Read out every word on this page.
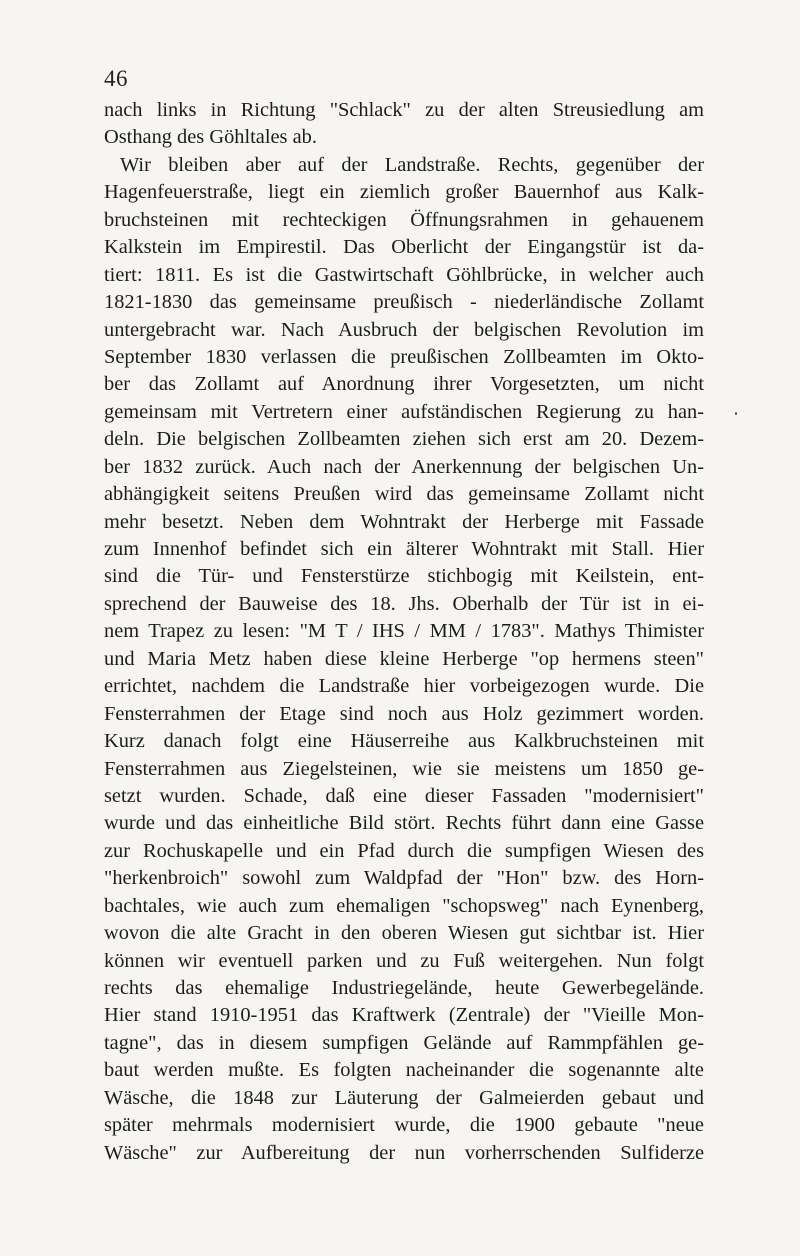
46
nach links in Richtung "Schlack" zu der alten Streusiedlung am
Osthang des Göhltales ab.
Wir bleiben aber auf der Landstraße. Rechts, gegenüber der
Hagenfeuerstraße, liegt ein ziemlich großer Bauernhof aus Kalk-
bruchsteinen mit rechteckigen Öffnungsrahmen in gehauenem
Kalkstein im Empirestil. Das Oberlicht der Eingangstür ist da-
tiert: 1811. Es ist die Gastwirtschaft Göhlbrücke, in welcher auch
1821-1830 das gemeinsame preußisch - niederländische Zollamt
untergebracht war. Nach Ausbruch der belgischen Revolution im
September 1830 verlassen die preußischen Zollbeamten im Okto-
ber das Zollamt auf Anordnung ihrer Vorgesetzten, um nicht
gemeinsam mit Vertretern einer aufständischen Regierung zu han-
deln. Die belgischen Zollbeamten ziehen sich erst am 20. Dezem-
ber 1832 zurück. Auch nach der Anerkennung der belgischen Un-
abhängigkeit seitens Preußen wird das gemeinsame Zollamt nicht
mehr besetzt. Neben dem Wohntrakt der Herberge mit Fassade
zum Innenhof befindet sich ein älterer Wohntrakt mit Stall. Hier
sind die Tür- und Fensterstürze stichbogig mit Keilstein, ent-
sprechend der Bauweise des 18. Jhs. Oberhalb der Tür ist in ei-
nem Trapez zu lesen: "M T / IHS / MM / 1783". Mathys Thimister
und Maria Metz haben diese kleine Herberge "op hermens steen"
errichtet, nachdem die Landstraße hier vorbeigezogen wurde. Die
Fensterrahmen der Etage sind noch aus Holz gezimmert worden.
Kurz danach folgt eine Häuserreihe aus Kalkbruchsteinen mit
Fensterrahmen aus Ziegelsteinen, wie sie meistens um 1850 ge-
setzt wurden. Schade, daß eine dieser Fassaden "modernisiert"
wurde und das einheitliche Bild stört. Rechts führt dann eine Gasse
zur Rochuskapelle und ein Pfad durch die sumpfigen Wiesen des
"herkenbroich" sowohl zum Waldpfad der "Hon" bzw. des Horn-
bachtales, wie auch zum ehemaligen "schopsweg" nach Eynenberg,
wovon die alte Gracht in den oberen Wiesen gut sichtbar ist. Hier
können wir eventuell parken und zu Fuß weitergehen. Nun folgt
rechts das ehemalige Industriegelände, heute Gewerbegelände.
Hier stand 1910-1951 das Kraftwerk (Zentrale) der "Vieille Mon-
tagne", das in diesem sumpfigen Gelände auf Rammpfählen ge-
baut werden mußte. Es folgten nacheinander die sogenannte alte
Wäsche, die 1848 zur Läuterung der Galmeierden gebaut und
später mehrmals modernisiert wurde, die 1900 gebaute "neue
Wäsche" zur Aufbereitung der nun vorherrschenden Sulfiderze
